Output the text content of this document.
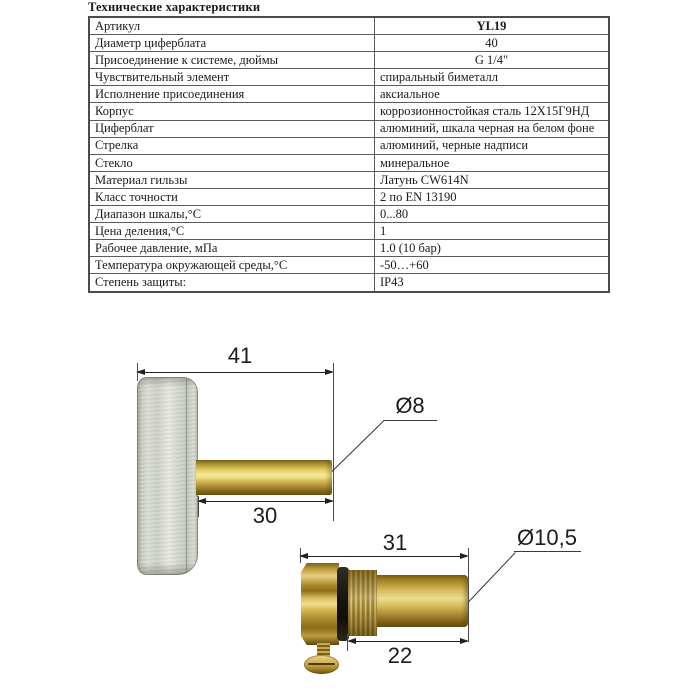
Технические характеристики
Артикул	YL19
Диаметр циферблата	40
Присоединение к системе, дюймы	G 1/4"
Чувствительный элемент	спиральный биметалл
Исполнение присоединения	аксиальное
Корпус	коррозионностойкая сталь 12Х15Г9НД
Циферблат	алюминий, шкала черная на белом фоне
Стрелка	алюминий, черные надписи
Стекло	минеральное
Материал гильзы	Латунь CW614N
Класс точности	2 по EN 13190
Диапазон шкалы,°С	0...80
Цена деления,°С	1
Рабочее давление, мПа	1.0 (10 бар)
Температура окружающей среды,°С	-50…+60
Степень защиты:	IP43
41
30
Ø8
31
22
Ø10,5
